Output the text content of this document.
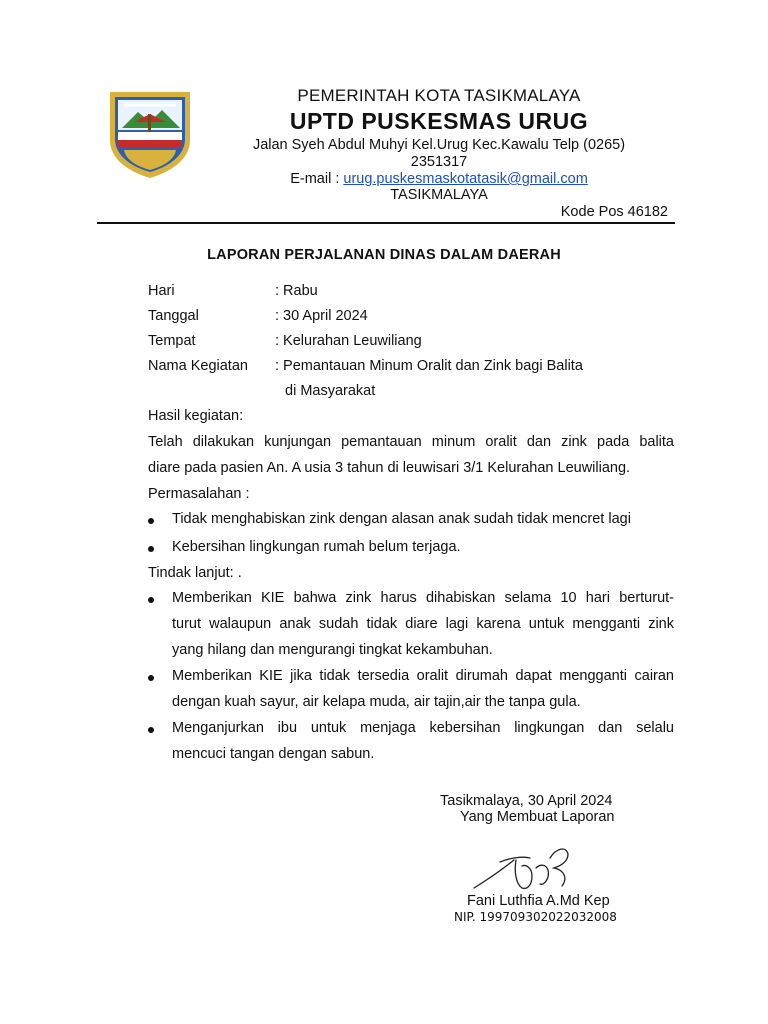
PEMERINTAH KOTA TASIKMALAYA
UPTD PUSKESMAS URUG
Jalan Syeh Abdul Muhyi Kel.Urug Kec.Kawalu Telp (0265)
2351317
E-mail : urug.puskesmaskotatasik@gmail.com
TASIKMALAYA
Kode Pos 46182
LAPORAN PERJALANAN DINAS DALAM DAERAH
Hari	: Rabu
Tanggal	: 30 April 2024
Tempat	: Kelurahan Leuwiliang
Nama Kegiatan : Pemantauan Minum Oralit dan Zink bagi Balita
di Masyarakat
Hasil kegiatan:
Telah dilakukan kunjungan pemantauan minum oralit dan zink pada balita
diare pada pasien An. A usia 3 tahun di leuwisari 3/1 Kelurahan Leuwiliang.
Permasalahan :
Tidak menghabiskan zink dengan alasan anak sudah tidak mencret lagi
Kebersihan lingkungan rumah belum terjaga.
Tindak lanjut: .
Memberikan KIE bahwa zink harus dihabiskan selama 10 hari berturut-
turut walaupun anak sudah tidak diare lagi karena untuk mengganti zink
yang hilang dan mengurangi tingkat kekambuhan.
Memberikan KIE jika tidak tersedia oralit dirumah dapat mengganti cairan
dengan kuah sayur, air kelapa muda, air tajin,air the tanpa gula.
Menganjurkan ibu untuk menjaga kebersihan lingkungan dan selalu
mencuci tangan dengan sabun.
Tasikmalaya, 30 April 2024
Yang Membuat Laporan
Fani Luthfia A.Md Kep
NIP. 199709302022032008
